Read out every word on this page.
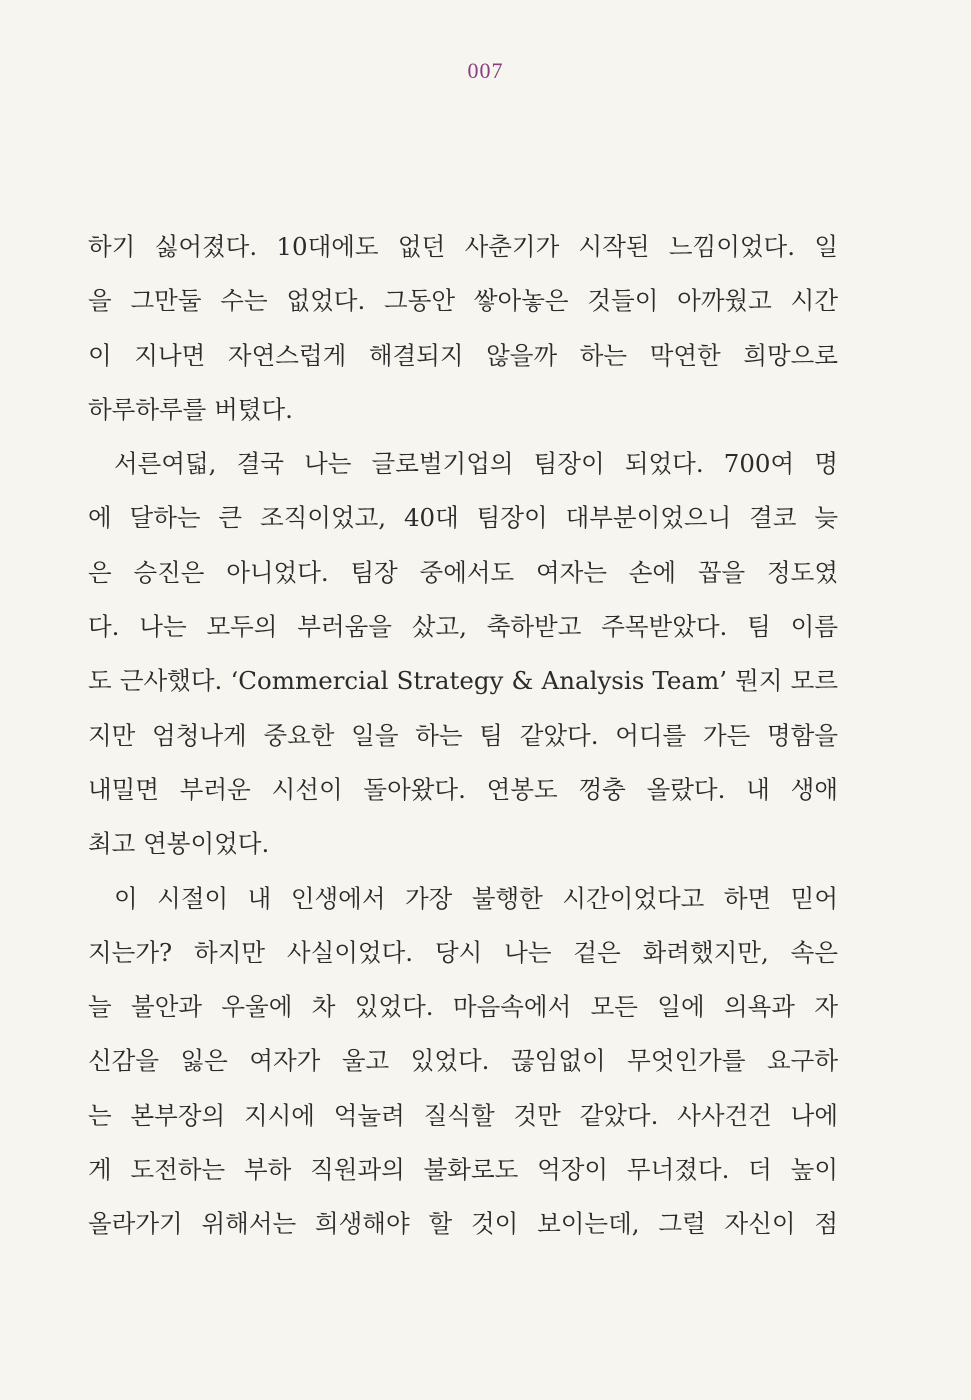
007
하기 싫어졌다. 10대에도 없던 사춘기가 시작된 느낌이었다. 일
을 그만둘 수는 없었다. 그동안 쌓아놓은 것들이 아까웠고 시간
이 지나면 자연스럽게 해결되지 않을까 하는 막연한 희망으로
하루하루를 버텼다.
서른여덟, 결국 나는 글로벌기업의 팀장이 되었다. 700여 명
에 달하는 큰 조직이었고, 40대 팀장이 대부분이었으니 결코 늦
은 승진은 아니었다. 팀장 중에서도 여자는 손에 꼽을 정도였
다. 나는 모두의 부러움을 샀고, 축하받고 주목받았다. 팀 이름
도 근사했다. ‘Commercial Strategy & Analysis Team’ 뭔지 모르
지만 엄청나게 중요한 일을 하는 팀 같았다. 어디를 가든 명함을
내밀면 부러운 시선이 돌아왔다. 연봉도 껑충 올랐다. 내 생애
최고 연봉이었다.
이 시절이 내 인생에서 가장 불행한 시간이었다고 하면 믿어
지는가? 하지만 사실이었다. 당시 나는 겉은 화려했지만, 속은
늘 불안과 우울에 차 있었다. 마음속에서 모든 일에 의욕과 자
신감을 잃은 여자가 울고 있었다. 끊임없이 무엇인가를 요구하
는 본부장의 지시에 억눌려 질식할 것만 같았다. 사사건건 나에
게 도전하는 부하 직원과의 불화로도 억장이 무너졌다. 더 높이
올라가기 위해서는 희생해야 할 것이 보이는데, 그럴 자신이 점
